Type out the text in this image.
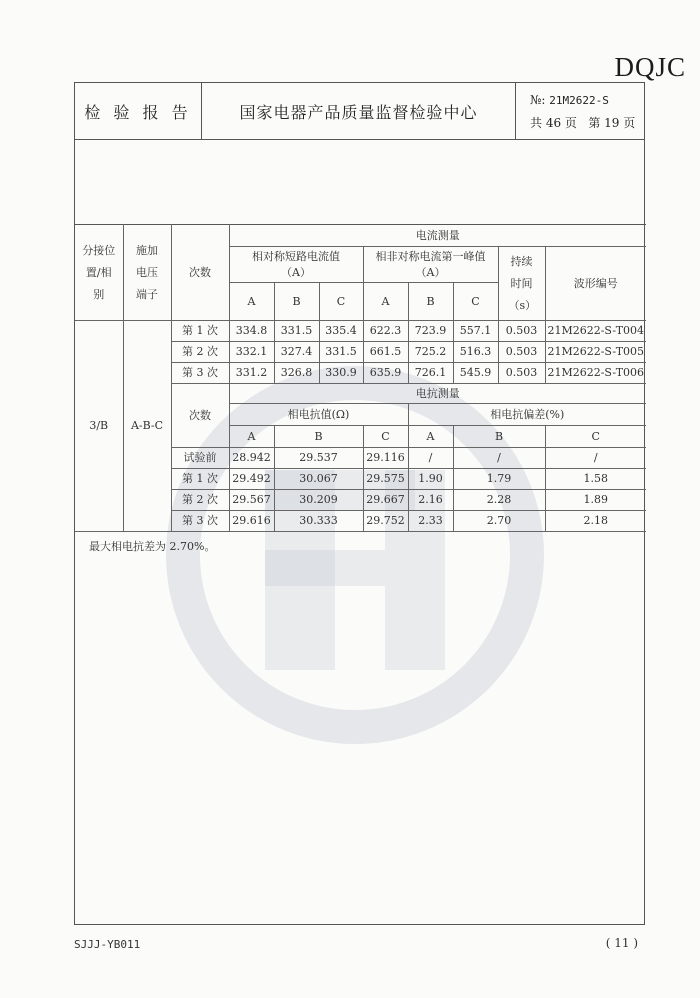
DQJC
检 验 报 告	国家电器产品质量监督检验中心
№: 21M2622-S
共 46 页 第 19 页
分接位置/相别	施加电压端子	次数	电流测量							
			相对称短路电流值（A）			相非对称电流第一峰值（A）			持续时间（s）	波形编号
			A	B	C	A	B	C		
3/B	A-B-C	第 1 次	334.8	331.5	335.4	622.3	723.9	557.1	0.503	21M2622-S-T004
		第 2 次	332.1	327.4	331.5	661.5	725.2	516.3	0.503	21M2622-S-T005
		第 3 次	331.2	326.8	330.9	635.9	726.1	545.9	0.503	21M2622-S-T006
		次数	电抗测量							
			相电抗值(Ω)				相电抗偏差(%)			
			A	B		C	A	B		C
		试验前	28.942	29.537		29.116	/	/		/
		第 1 次	29.492	30.067		29.575	1.90	1.79		1.58
		第 2 次	29.567	30.209		29.667	2.16	2.28		1.89
		第 3 次	29.616	30.333		29.752	2.33	2.70		2.18
最大相电抗差为 2.70%。
SJJJ-YB011	( 11 )
